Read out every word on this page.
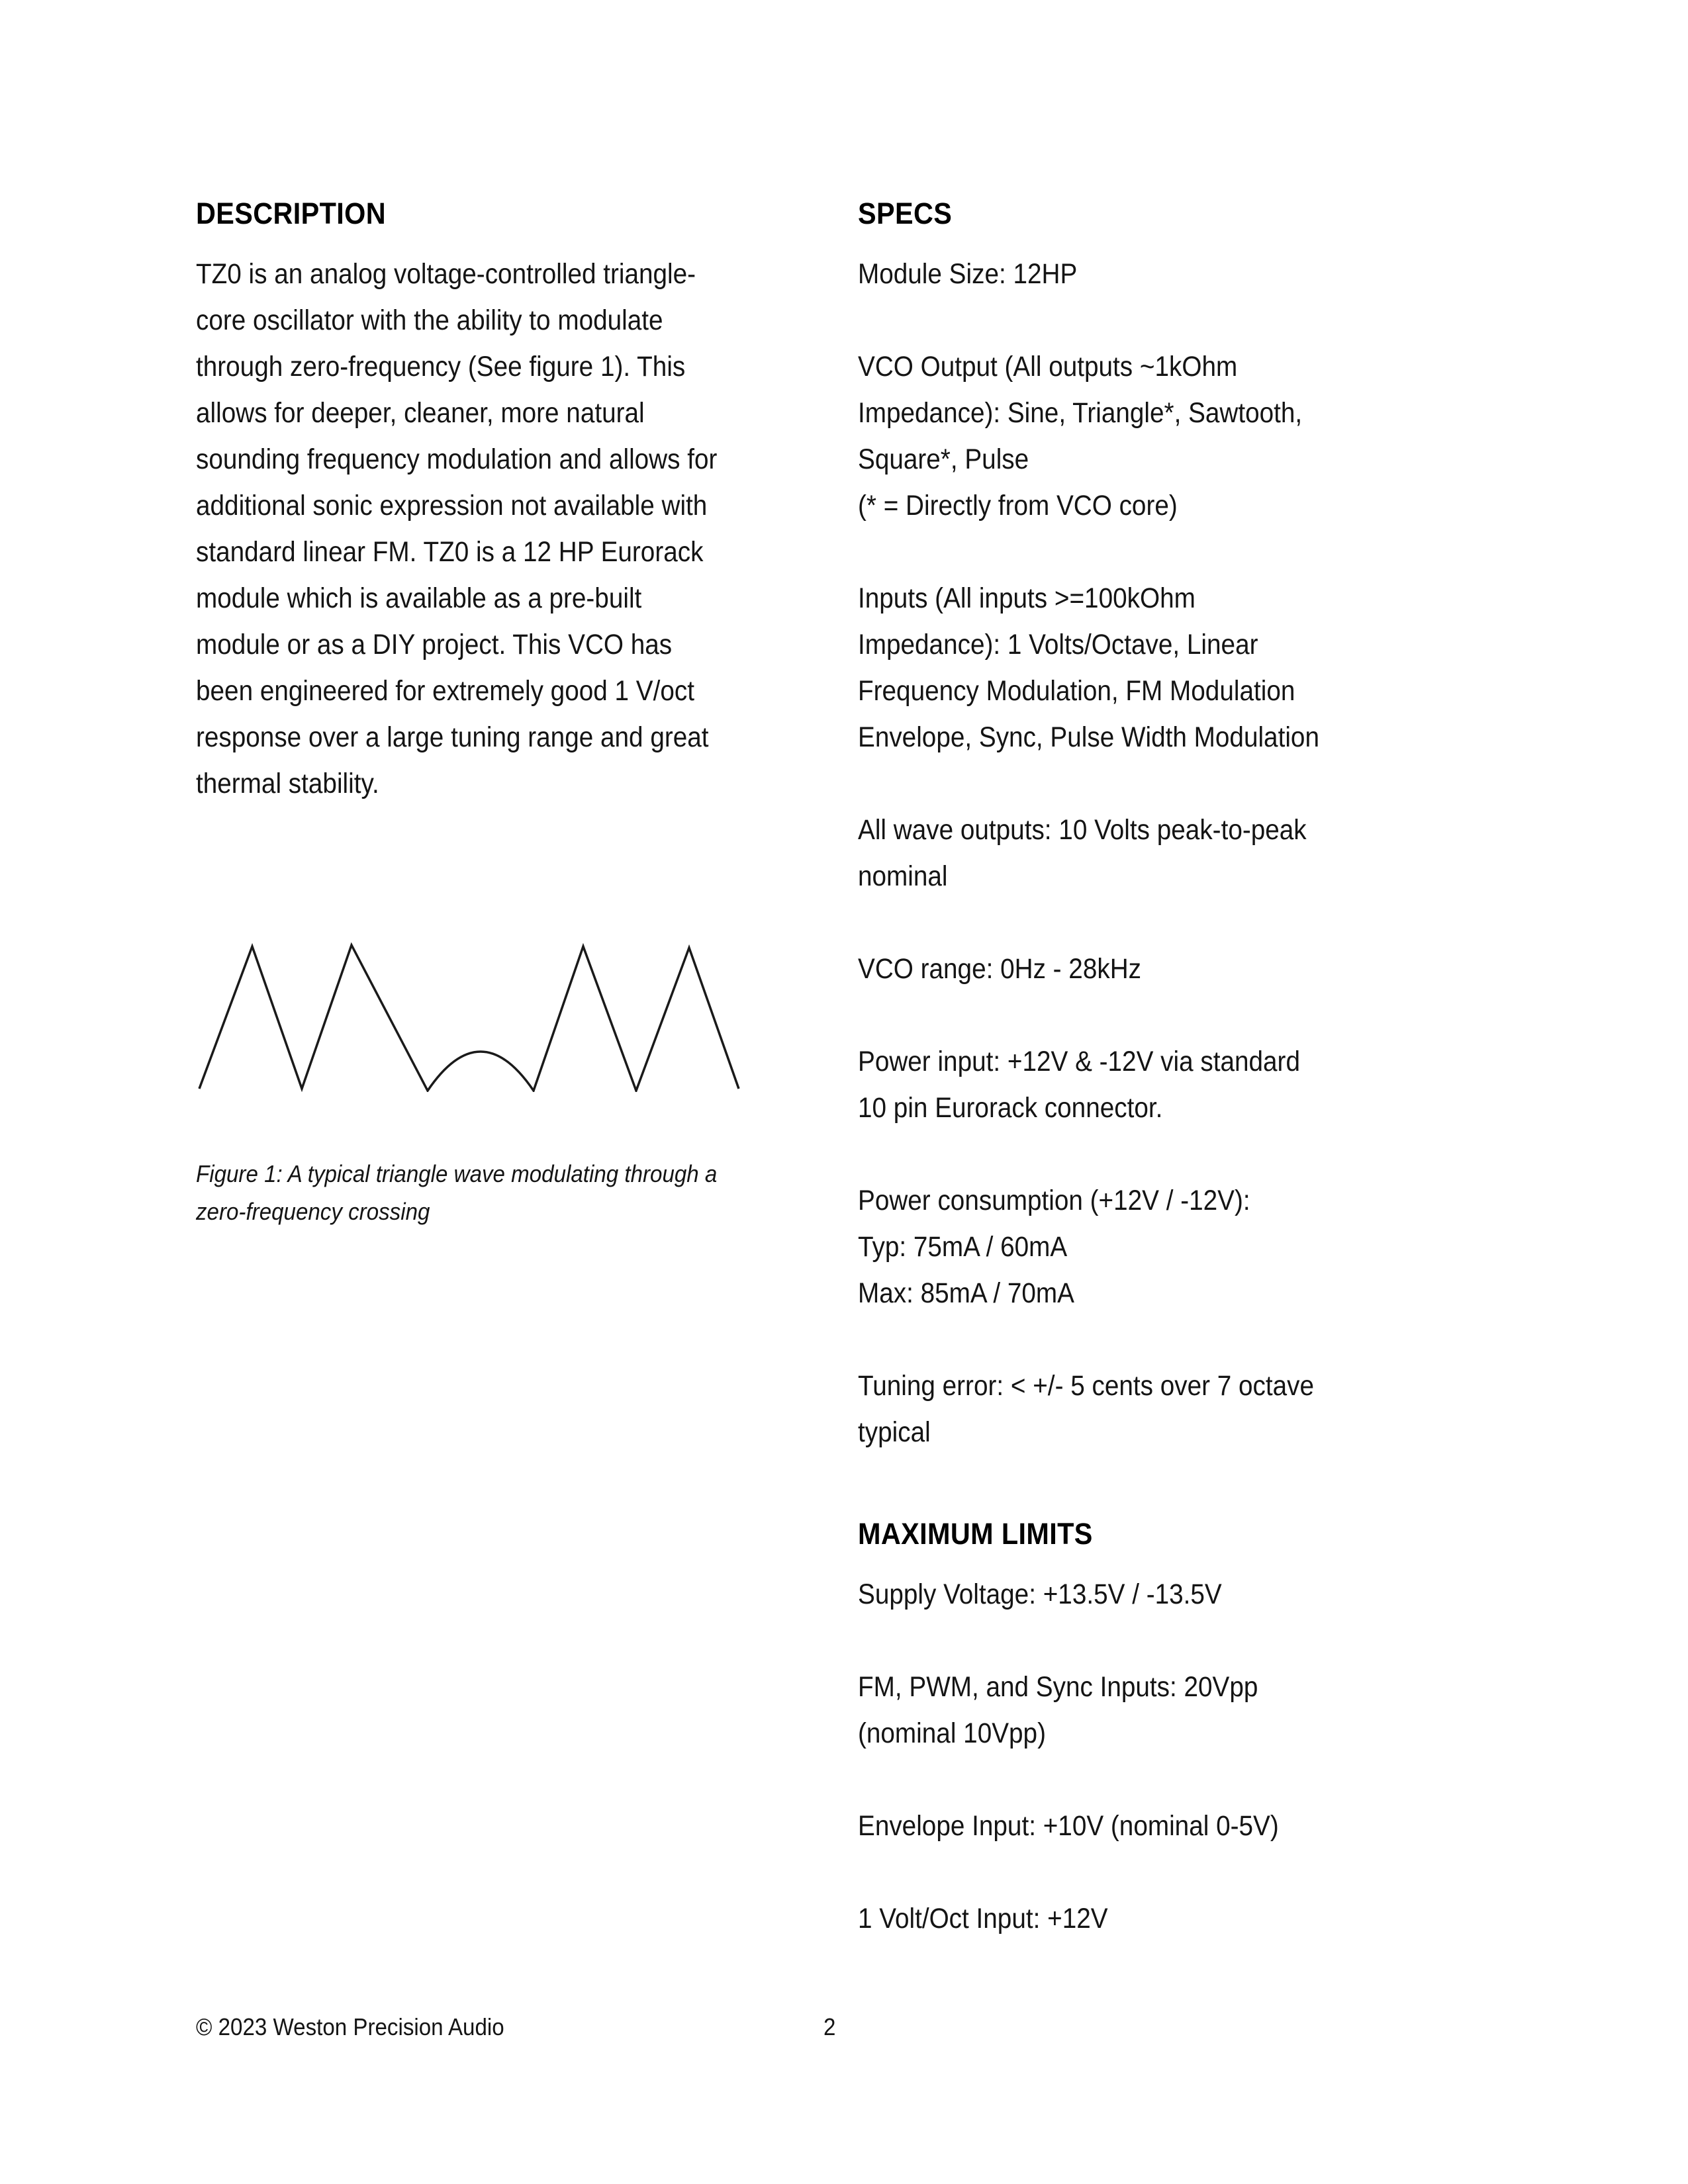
DESCRIPTION

TZ0 is an analog voltage-controlled triangle-core oscillator with the ability to modulate through zero-frequency (See figure 1). This allows for deeper, cleaner, more natural sounding frequency modulation and allows for additional sonic expression not available with standard linear FM. TZ0 is a 12 HP Eurorack module which is available as a pre-built module or as a DIY project. This VCO has been engineered for extremely good 1 V/oct response over a large tuning range and great thermal stability.

Figure 1: A typical triangle wave modulating through a zero-frequency crossing
SPECS
Module Size: 12HP
VCO Output (All outputs ~1kOhm
Impedance): Sine, Triangle*, Sawtooth,
Square*, Pulse
(* = Directly from VCO core)
Inputs (All inputs >=100kOhm
Impedance): 1 Volts/Octave, Linear
Frequency Modulation, FM Modulation
Envelope, Sync, Pulse Width Modulation
All wave outputs: 10 Volts peak-to-peak
nominal
VCO range: 0Hz - 28kHz
Power input: +12V & -12V via standard
10 pin Eurorack connector.
Power consumption (+12V / -12V):
Typ: 75mA / 60mA
Max: 85mA / 70mA
Tuning error: < +/- 5 cents over 7 octave
typical
MAXIMUM LIMITS
Supply Voltage: +13.5V / -13.5V
FM, PWM, and Sync Inputs: 20Vpp
(nominal 10Vpp)
Envelope Input: +10V (nominal 0-5V)
1 Volt/Oct Input: +12V
© 2023 Weston Precision Audio	2
